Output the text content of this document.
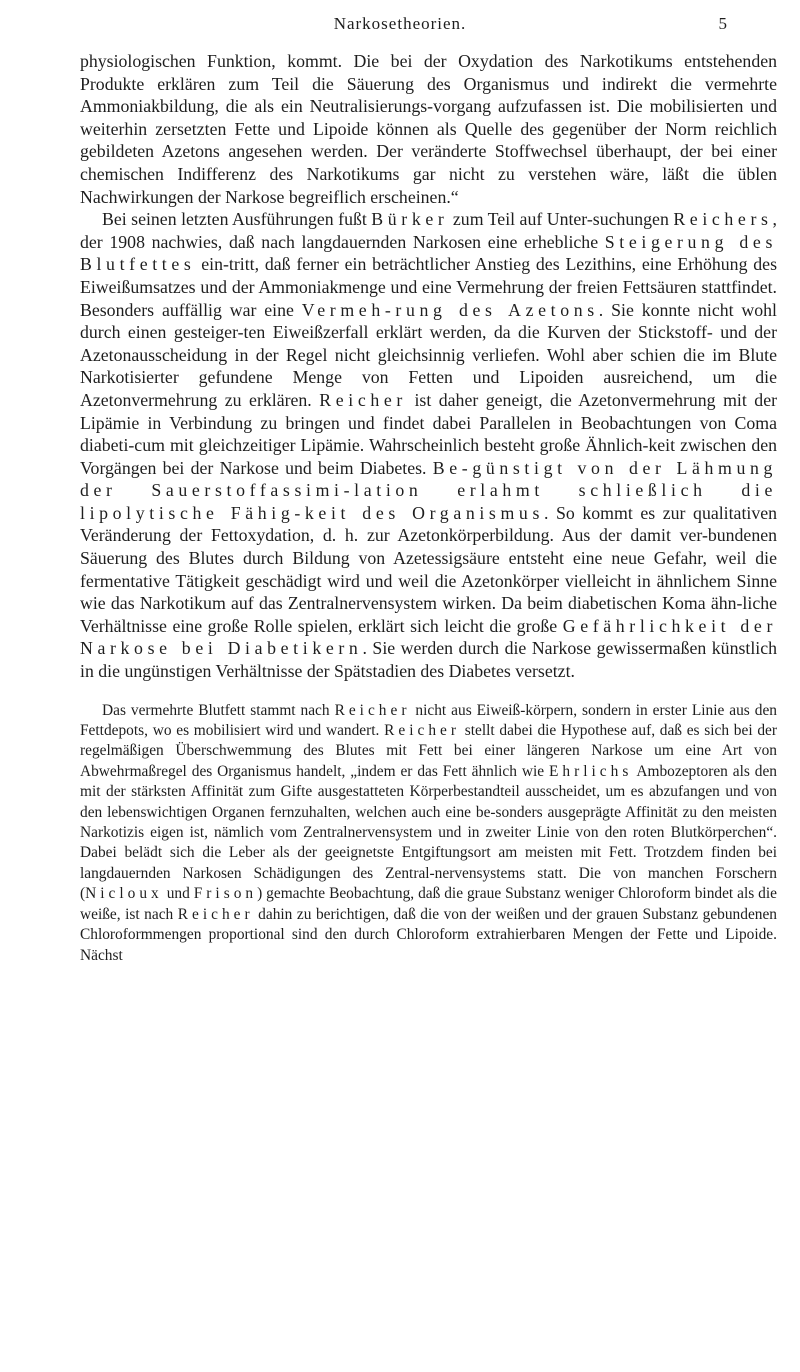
Narkosetheorien.	5

physiologischen Funktion, kommt. Die bei der Oxydation des Narkotikums entstehenden Produkte erklären zum Teil die Säuerung des Organismus und indirekt die vermehrte Ammoniakbildung, die als ein Neutralisierungs-vorgang aufzufassen ist. Die mobilisierten und weiterhin zersetzten Fette und Lipoide können als Quelle des gegenüber der Norm reichlich gebildeten Azetons angesehen werden. Der veränderte Stoffwechsel überhaupt, der bei einer chemischen Indifferenz des Narkotikums gar nicht zu verstehen wäre, läßt die üblen Nachwirkungen der Narkose begreiflich erscheinen.“

Bei seinen letzten Ausführungen fußt Bürker zum Teil auf Unter-suchungen Reichers, der 1908 nachwies, daß nach langdauernden Narkosen eine erhebliche Steigerung des Blutfettes ein-tritt, daß ferner ein beträchtlicher Anstieg des Lezithins, eine Erhöhung des Eiweißumsatzes und der Ammoniakmenge und eine Vermehrung der freien Fettsäuren stattfindet. Besonders auffällig war eine Vermeh-rung des Azetons. Sie konnte nicht wohl durch einen gesteiger-ten Eiweißzerfall erklärt werden, da die Kurven der Stickstoff- und der Azetonausscheidung in der Regel nicht gleichsinnig verliefen. Wohl aber schien die im Blute Narkotisierter gefundene Menge von Fetten und Lipoiden ausreichend, um die Azetonvermehrung zu erklären. Reicher ist daher geneigt, die Azetonvermehrung mit der Lipämie in Verbindung zu bringen und findet dabei Parallelen in Beobachtungen von Coma diabeti-cum mit gleichzeitiger Lipämie. Wahrscheinlich besteht große Ähnlich-keit zwischen den Vorgängen bei der Narkose und beim Diabetes. Be-günstigt von der Lähmung der Sauerstoffassimi-lation erlahmt schließlich die lipolytische Fähig-keit des Organismus. So kommt es zur qualitativen Veränderung der Fettoxydation, d. h. zur Azetonkörperbildung. Aus der damit ver-bundenen Säuerung des Blutes durch Bildung von Azetessigsäure entsteht eine neue Gefahr, weil die fermentative Tätigkeit geschädigt wird und weil die Azetonkörper vielleicht in ähnlichem Sinne wie das Narkotikum auf das Zentralnervensystem wirken. Da beim diabetischen Koma ähn-liche Verhältnisse eine große Rolle spielen, erklärt sich leicht die große Gefährlichkeit der Narkose bei Diabetikern. Sie werden durch die Narkose gewissermaßen künstlich in die ungünstigen Verhältnisse der Spätstadien des Diabetes versetzt.

Das vermehrte Blutfett stammt nach Reicher nicht aus Eiweiß-körpern, sondern in erster Linie aus den Fettdepots, wo es mobilisiert wird und wandert. Reicher stellt dabei die Hypothese auf, daß es sich bei der regelmäßigen Überschwemmung des Blutes mit Fett bei einer längeren Narkose um eine Art von Abwehrmaßregel des Organismus handelt, „indem er das Fett ähnlich wie Ehrlichs Ambozeptoren als den mit der stärksten Affinität zum Gifte ausgestatteten Körperbestandteil ausscheidet, um es abzufangen und von den lebenswichtigen Organen fernzuhalten, welchen auch eine be-sonders ausgeprägte Affinität zu den meisten Narkotizis eigen ist, nämlich vom Zentralnervensystem und in zweiter Linie von den roten Blutkörperchen“. Dabei belädt sich die Leber als der geeignetste Entgiftungsort am meisten mit Fett. Trotzdem finden bei langdauernden Narkosen Schädigungen des Zentral-nervensystems statt. Die von manchen Forschern (Nicloux und Frison) gemachte Beobachtung, daß die graue Substanz weniger Chloroform bindet als die weiße, ist nach Reicher dahin zu berichtigen, daß die von der weißen und der grauen Substanz gebundenen Chloroformmengen proportional sind den durch Chloroform extrahierbaren Mengen der Fette und Lipoide. Nächst
